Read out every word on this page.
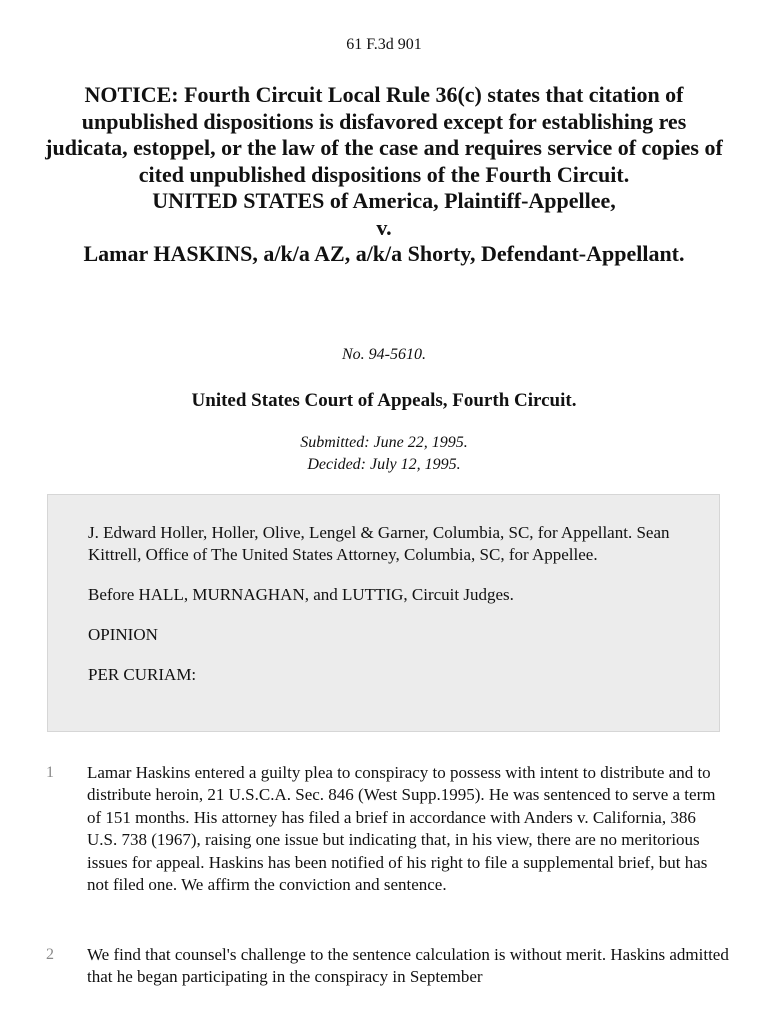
61 F.3d 901
NOTICE: Fourth Circuit Local Rule 36(c) states that citation of unpublished dispositions is disfavored except for establishing res judicata, estoppel, or the law of the case and requires service of copies of cited unpublished dispositions of the Fourth Circuit.
UNITED STATES of America, Plaintiff-Appellee,
v.
Lamar HASKINS, a/k/a AZ, a/k/a Shorty, Defendant-Appellant.
No. 94-5610.
United States Court of Appeals, Fourth Circuit.
Submitted: June 22, 1995.
Decided: July 12, 1995.

J. Edward Holler, Holler, Olive, Lengel & Garner, Columbia, SC, for Appellant. Sean Kittrell, Office of The United States Attorney, Columbia, SC, for Appellee.

Before HALL, MURNAGHAN, and LUTTIG, Circuit Judges.

OPINION

PER CURIAM:

1 Lamar Haskins entered a guilty plea to conspiracy to possess with intent to distribute and to distribute heroin, 21 U.S.C.A. Sec. 846 (West Supp.1995). He was sentenced to serve a term of 151 months. His attorney has filed a brief in accordance with Anders v. California, 386 U.S. 738 (1967), raising one issue but indicating that, in his view, there are no meritorious issues for appeal. Haskins has been notified of his right to file a supplemental brief, but has not filed one. We affirm the conviction and sentence.
2 We find that counsel's challenge to the sentence calculation is without merit. Haskins admitted that he began participating in the conspiracy in September
